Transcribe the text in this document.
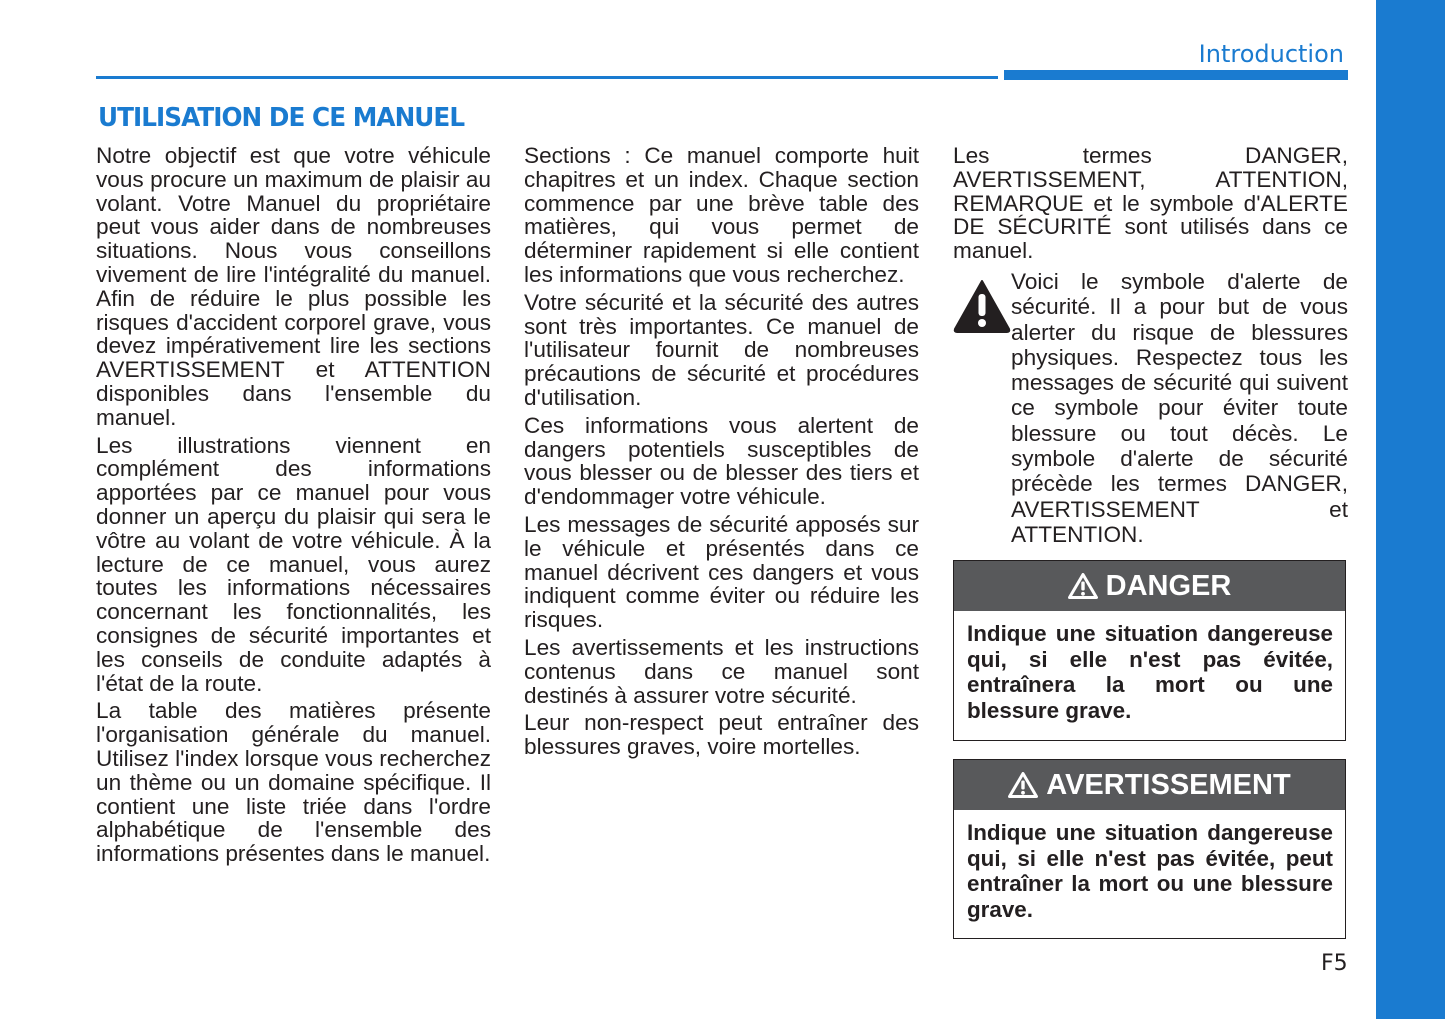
Introduction
UTILISATION DE CE MANUEL

Notre objectif est que votre véhicule vous procure un maximum de plaisir au volant. Votre Manuel du propriétaire peut vous aider dans de nombreuses situations. Nous vous conseillons vivement de lire l'intégralité du manuel. Afin de réduire le plus possible les risques d'accident corporel grave, vous devez impérativement lire les sections AVERTISSEMENT et ATTENTION disponibles dans l'ensemble du manuel.

Les illustrations viennent en complément des informations apportées par ce manuel pour vous donner un aperçu du plaisir qui sera le vôtre au volant de votre véhicule. À la lecture de ce manuel, vous aurez toutes les informations nécessaires concernant les fonctionnalités, les consignes de sécurité importantes et les conseils de conduite adaptés à l'état de la route.

La table des matières présente l'organisation générale du manuel. Utilisez l'index lorsque vous recherchez un thème ou un domaine spécifique. Il contient une liste triée dans l'ordre alphabétique de l'ensemble des informations présentes dans le manuel.

Sections : Ce manuel comporte huit chapitres et un index. Chaque section commence par une brève table des matières, qui vous permet de déterminer rapidement si elle contient les informations que vous recherchez.

Votre sécurité et la sécurité des autres sont très importantes. Ce manuel de l'utilisateur fournit de nombreuses précautions de sécurité et procédures d'utilisation.

Ces informations vous alertent de dangers potentiels susceptibles de vous blesser ou de blesser des tiers et d'endommager votre véhicule.

Les messages de sécurité apposés sur le véhicule et présentés dans ce manuel décrivent ces dangers et vous indiquent comme éviter ou réduire les risques.

Les avertissements et les instructions contenus dans ce manuel sont destinés à assurer votre sécurité.

Leur non-respect peut entraîner des blessures graves, voire mortelles.

Les termes DANGER, AVERTISSEMENT, ATTENTION, REMARQUE et le symbole d'ALERTE DE SÉCURITÉ sont utilisés dans ce manuel.

Voici le symbole d'alerte de sécurité. Il a pour but de vous alerter du risque de blessures physiques. Respectez tous les messages de sécurité qui suivent ce symbole pour éviter toute blessure ou tout décès. Le symbole d'alerte de sécurité précède les termes DANGER, AVERTISSEMENT et ATTENTION.

DANGER

Indique une situation dangereuse qui, si elle n'est pas évitée, entraînera la mort ou une blessure grave.

AVERTISSEMENT

Indique une situation dangereuse qui, si elle n'est pas évitée, peut entraîner la mort ou une blessure grave.

F5
